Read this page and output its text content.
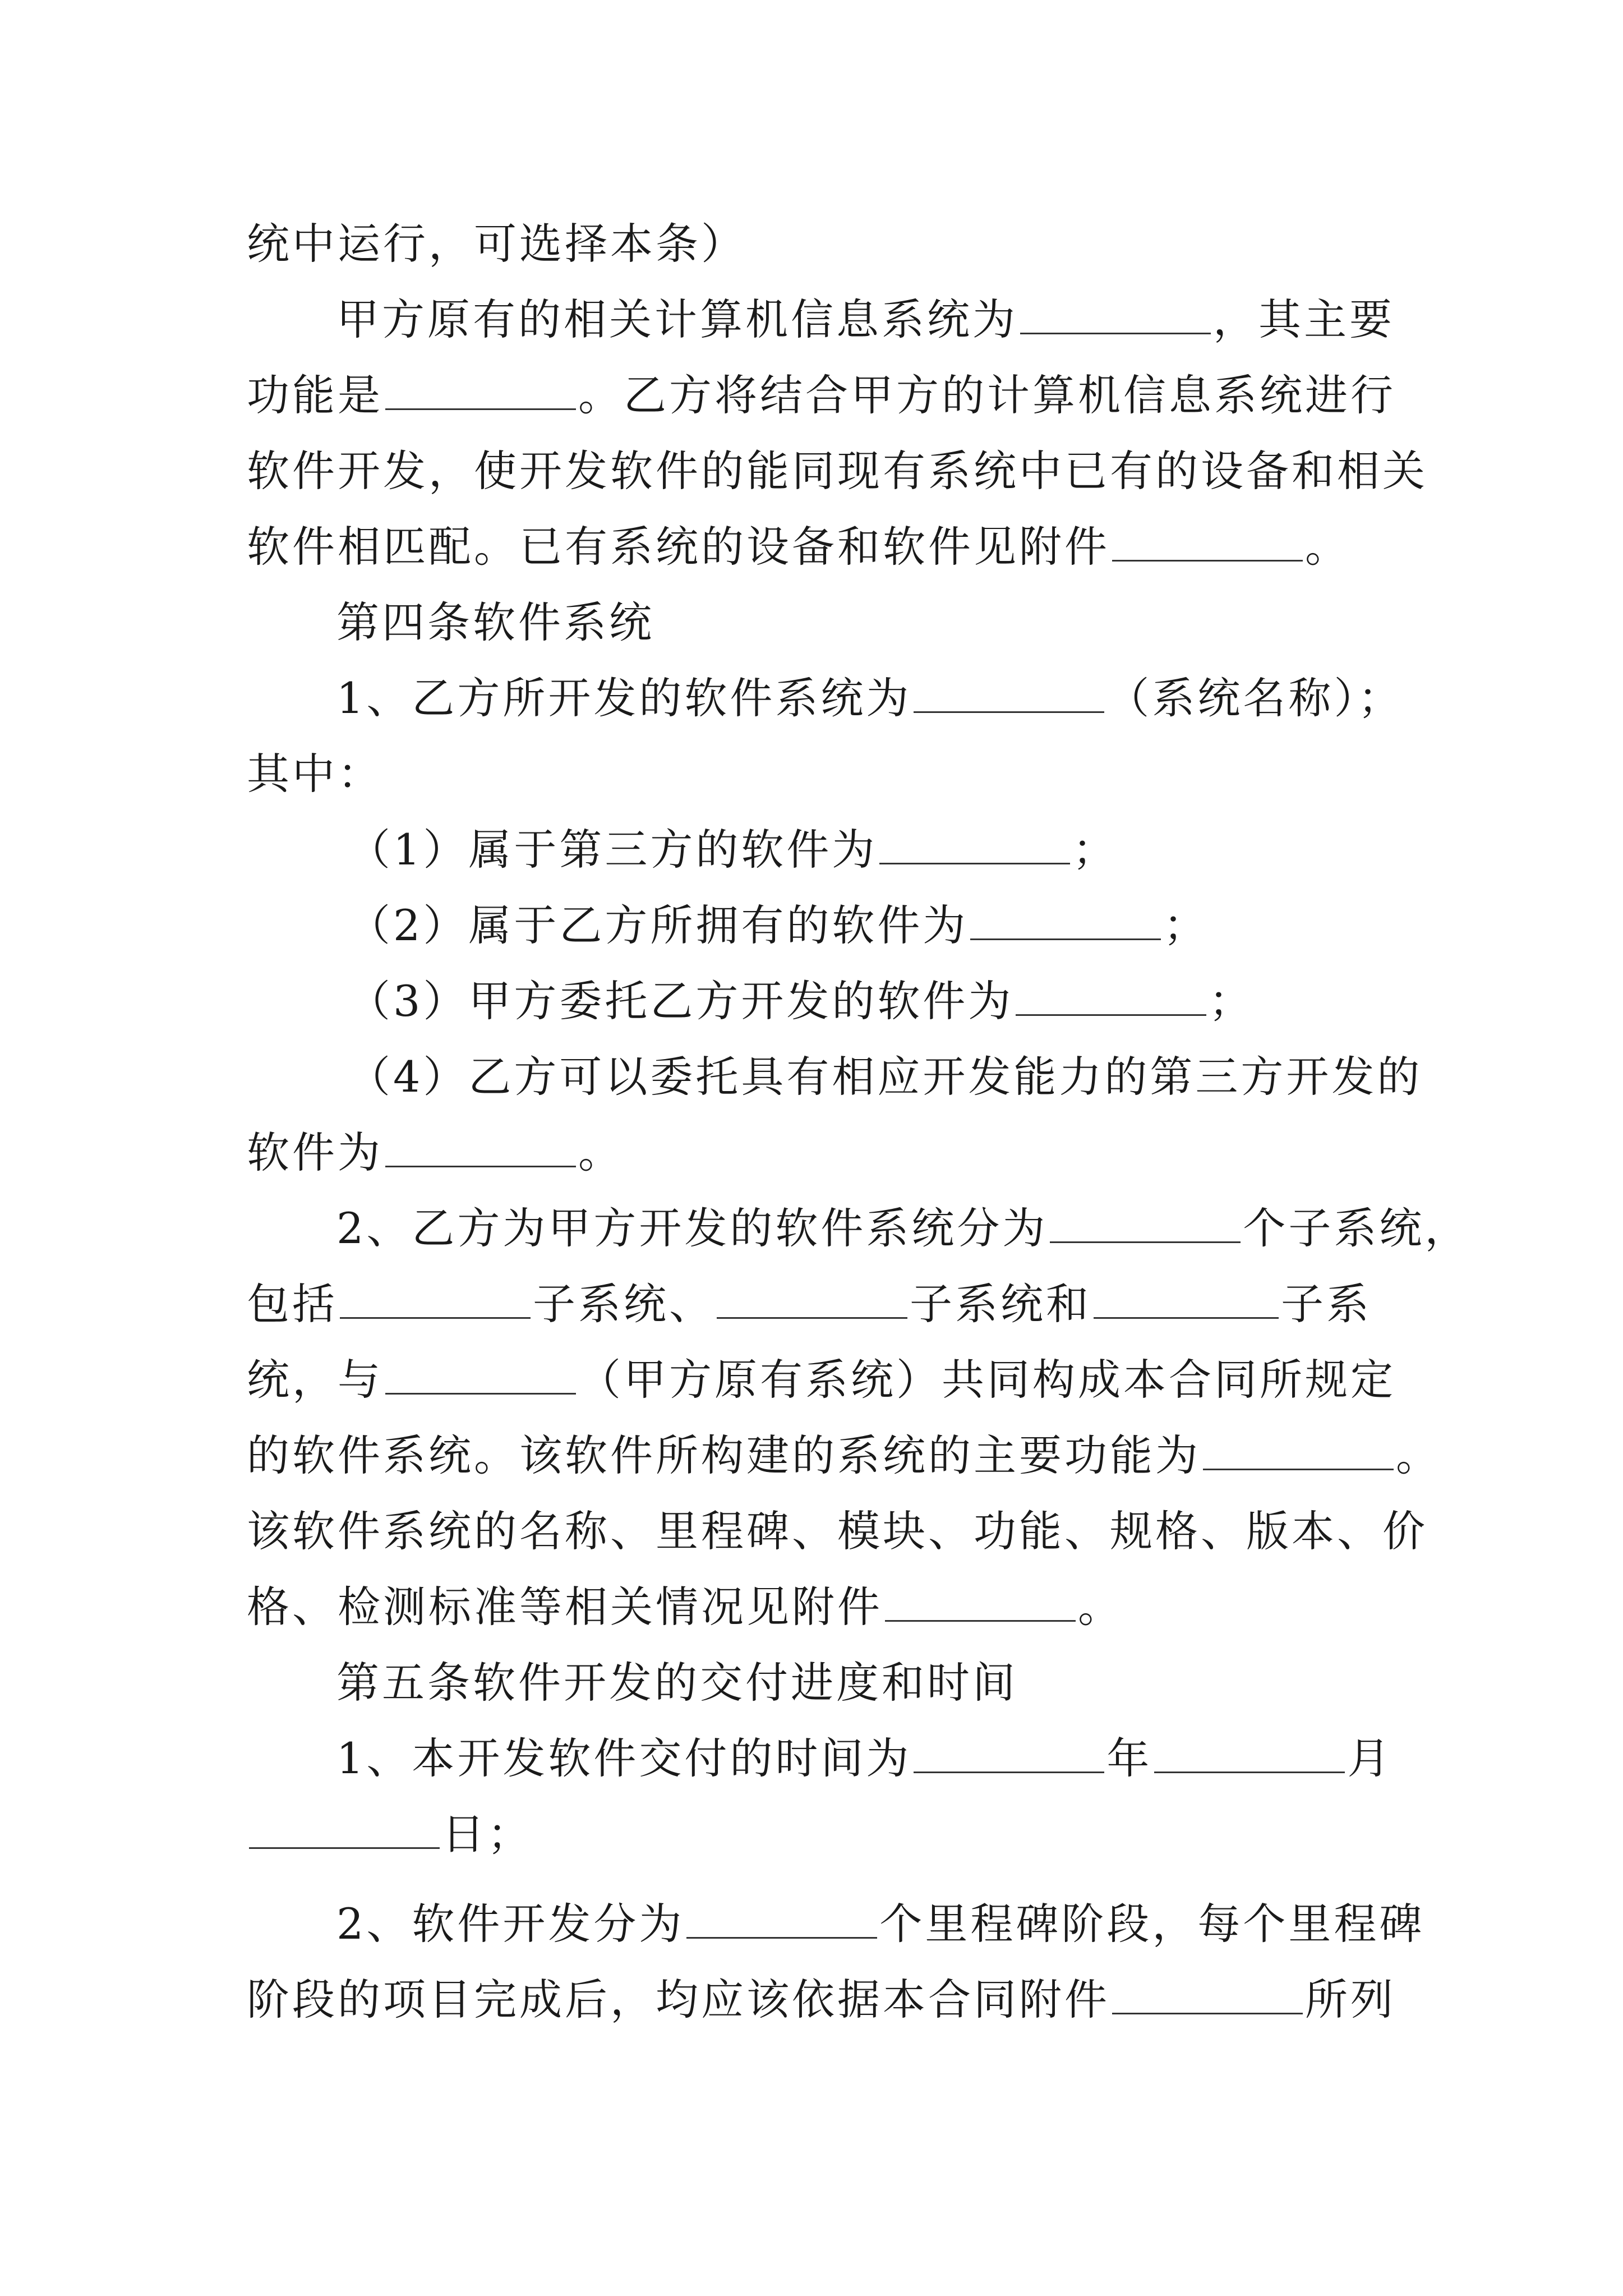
统中运行，可选择本条）
甲方原有的相关计算机信息系统为	，其主要
功能是	。乙方将结合甲方的计算机信息系统进行
软件开发，使开发软件的能同现有系统中已有的设备和相关
软件相匹配。已有系统的设备和软件见附件	。
第四条软件系统
1、乙方所开发的软件系统为	（系统名称）；
其中：
（1）属于第三方的软件为	；
（2）属于乙方所拥有的软件为	；
（3）甲方委托乙方开发的软件为	；
（4）乙方可以委托具有相应开发能力的第三方开发的
软件为	。
2、乙方为甲方开发的软件系统分为	个子系统，
包括	子系统、	子系统和	子系
统，与	（甲方原有系统）共同构成本合同所规定
的软件系统。该软件所构建的系统的主要功能为	。
该软件系统的名称、里程碑、模块、功能、规格、版本、价
格、检测标准等相关情况见附件	。
第五条软件开发的交付进度和时间
1、本开发软件交付的时间为	年	月
日；
2、软件开发分为	个里程碑阶段，每个里程碑
阶段的项目完成后，均应该依据本合同附件	所列
